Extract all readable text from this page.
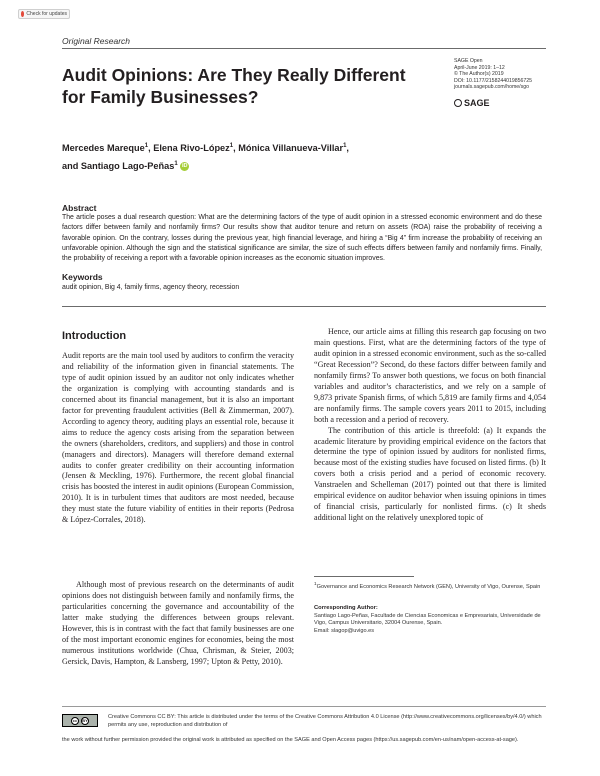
Check for updates
Original Research
Audit Opinions: Are They Really Different for Family Businesses?
SAGE Open
April-June 2019: 1–12
© The Author(s) 2019
DOI: 10.1177/2158244019856725
journals.sagepub.com/home/sgo
SAGE
Mercedes Mareque$^1$, Elena Rivo-López$^1$, Mónica Villanueva-Villar$^1$,
and Santiago Lago-Peñas$^1$ iD
Abstract
The article poses a dual research question: What are the determining factors of the type of audit opinion in a stressed economic environment and do these factors differ between family and nonfamily firms? Our results show that auditor tenure and return on assets (ROA) raise the probability of receiving a favorable opinion. On the contrary, losses during the previous year, high financial leverage, and hiring a “Big 4” firm increase the probability of receiving an unfavorable opinion. Although the sign and the statistical significance are similar, the size of such effects differs between family and nonfamily firms. Finally, the probability of receiving a report with a favorable opinion increases as the economic situation improves.
Keywords
audit opinion, Big 4, family firms, agency theory, recession
Introduction

Audit reports are the main tool used by auditors to confirm the veracity and reliability of the information given in financial statements. The type of audit opinion issued by an auditor not only indicates whether the organization is complying with accounting standards and is concerned about its financial management, but it is also an important factor for preventing fraudulent activities (Bell & Zimmerman, 2007). According to agency theory, auditing plays an essential role, because it aims to reduce the agency costs arising from the separation between the owners (shareholders, creditors, and suppliers) and those in control (managers and directors). Managers will therefore demand external audits to confer greater credibility on their accounting information (Jensen & Meckling, 1976). Furthermore, the recent global financial crisis has boosted the interest in audit opinions (European Commission, 2010). It is in turbulent times that auditors are most needed, because they must state the future viability of entities in their reports (Pedrosa & López-Corrales, 2018).

Although most of previous research on the determinants of audit opinions does not distinguish between family and nonfamily firms, the particularities concerning the governance and accountability of the latter make studying the differences between groups relevant. However, this is in contrast with the fact that family businesses are one of the most important economic engines for economies, being the most numerous institutions worldwide (Chua, Chrisman, & Steier, 2003; Gersick, Davis, Hampton, & Lansberg, 1997; Upton & Petty, 2010).

Hence, our article aims at filling this research gap focusing on two main questions. First, what are the determining factors of the type of audit opinion in a stressed economic environment, such as the so-called “Great Recession”? Second, do these factors differ between family and nonfamily firms? To answer both questions, we focus on both financial variables and auditor’s characteristics, and we rely on a sample of 9,873 private Spanish firms, of which 5,819 are family firms and 4,054 are nonfamily firms. The sample covers years 2011 to 2015, including both a recession and a period of recovery.

The contribution of this article is threefold: (a) It expands the academic literature by providing empirical evidence on the factors that determine the type of opinion issued by auditors for nonlisted firms, because most of the existing studies have focused on listed firms. (b) It covers both a crisis period and a period of economic recovery. Vanstraelen and Schelleman (2017) pointed out that there is limited empirical evidence on auditor behavior when issuing opinions in times of financial crisis, particularly for nonlisted firms. (c) It sheds additional light on the relatively unexplored topic of

$^1$Governance and Economics Research Network (GEN), University of Vigo, Ourense, Spain
Corresponding Author:
Santiago Lago-Peñas, Facultade de Ciencias Economicas e Empresariais, Universidade de Vigo, Campus Universitario, 32004 Ourense, Spain.
Email: slagop@uvigo.es
cc	BY	Creative Commons CC BY: This article is distributed under the terms of the Creative Commons Attribution 4.0 License (http://www.creativecommons.org/licenses/by/4.0/) which permits any use, reproduction and distribution of
the work without further permission provided the original work is attributed as specified on the SAGE and Open Access pages (https://us.sagepub.com/en-us/nam/open-access-at-sage).
